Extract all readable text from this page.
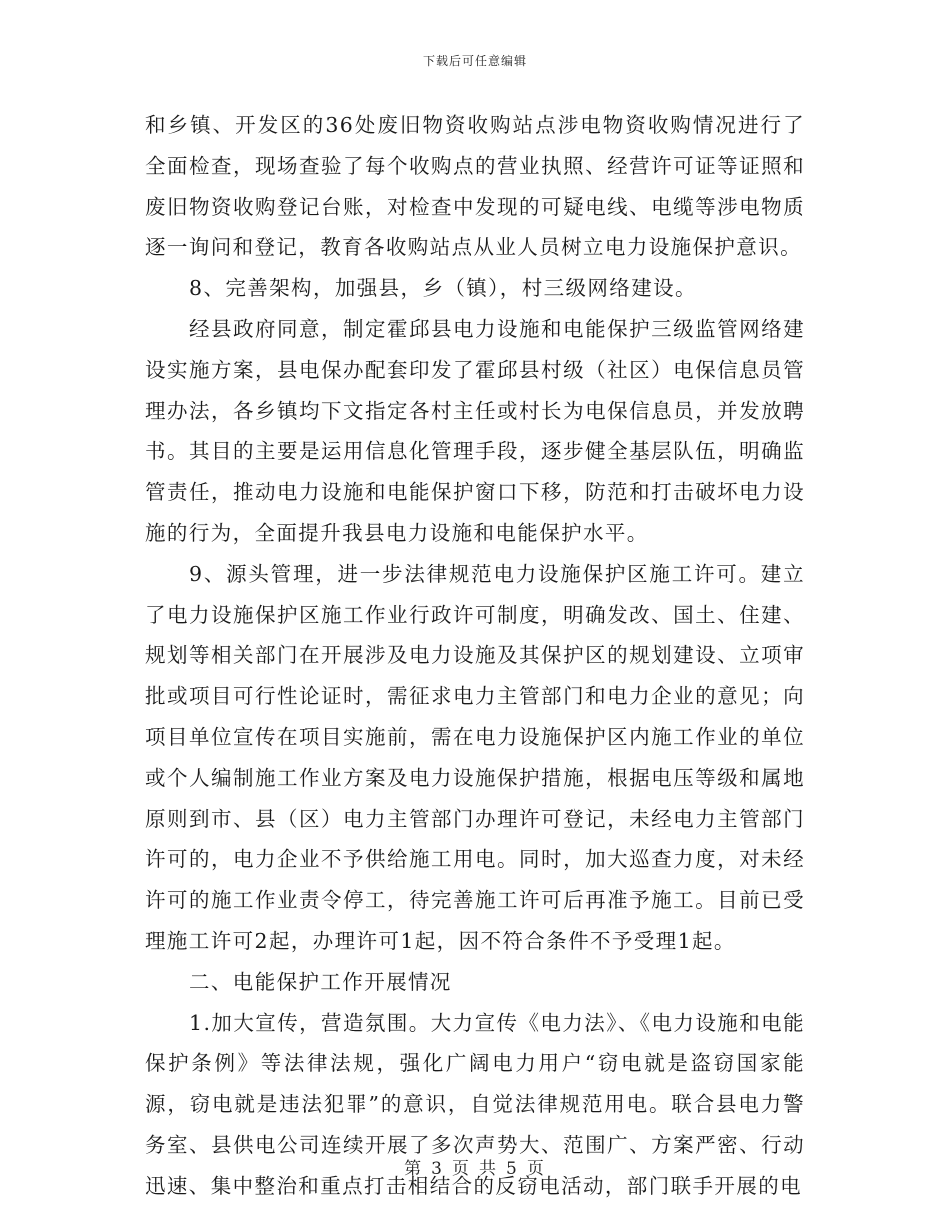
下载后可任意编辑

和乡镇、开发区的36处废旧物资收购站点涉电物资收购情况进行了全面检查，现场查验了每个收购点的营业执照、经营许可证等证照和废旧物资收购登记台账，对检查中发现的可疑电线、电缆等涉电物质逐一询问和登记，教育各收购站点从业人员树立电力设施保护意识。

8、完善架构，加强县，乡（镇），村三级网络建设。

经县政府同意，制定霍邱县电力设施和电能保护三级监管网络建设实施方案，县电保办配套印发了霍邱县村级（社区）电保信息员管理办法，各乡镇均下文指定各村主任或村长为电保信息员，并发放聘书。其目的主要是运用信息化管理手段，逐步健全基层队伍，明确监管责任，推动电力设施和电能保护窗口下移，防范和打击破坏电力设施的行为，全面提升我县电力设施和电能保护水平。

9、源头管理，进一步法律规范电力设施保护区施工许可。建立了电力设施保护区施工作业行政许可制度，明确发改、国土、住建、规划等相关部门在开展涉及电力设施及其保护区的规划建设、立项审批或项目可行性论证时，需征求电力主管部门和电力企业的意见；向项目单位宣传在项目实施前，需在电力设施保护区内施工作业的单位或个人编制施工作业方案及电力设施保护措施，根据电压等级和属地原则到市、县（区）电力主管部门办理许可登记，未经电力主管部门许可的，电力企业不予供给施工用电。同时，加大巡查力度，对未经许可的施工作业责令停工，待完善施工许可后再准予施工。目前已受理施工许可2起，办理许可1起，因不符合条件不予受理1起。

二、电能保护工作开展情况

1.加大宣传，营造氛围。大力宣传《电力法》、《电力设施和电能保护条例》等法律法规，强化广阔电力用户“窃电就是盗窃国家能源，窃电就是违法犯罪”的意识，自觉法律规范用电。联合县电力警务室、县供电公司连续开展了多次声势大、范围广、方案严密、行动迅速、集中整治和重点打击相结合的反窃电活动，部门联手开展的电

第 3 页 共 5 页
